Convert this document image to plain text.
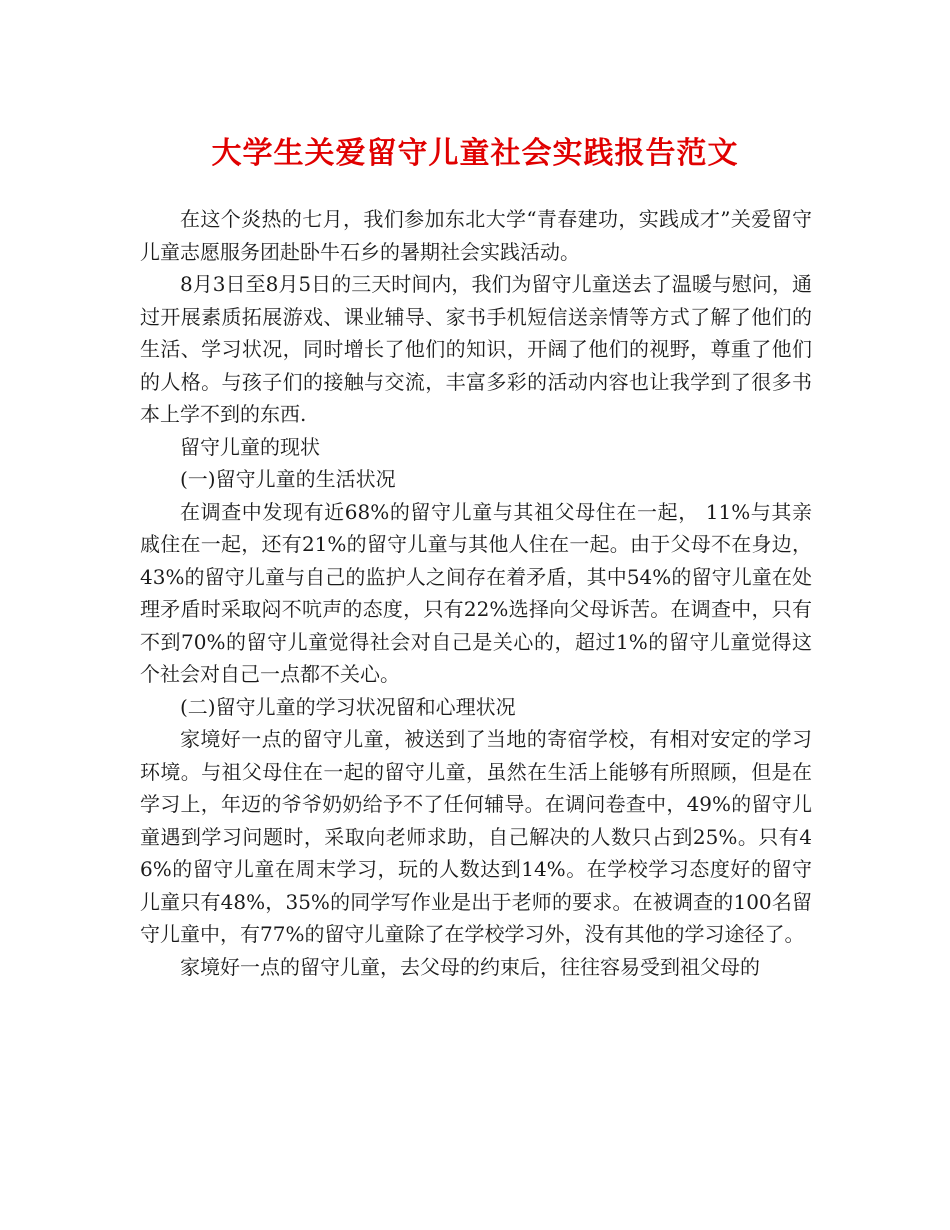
大学生关爱留守儿童社会实践报告范文

在这个炎热的七月，我们参加东北大学“青春建功，实践成才”关爱留守儿童志愿服务团赴卧牛石乡的暑期社会实践活动。

8月3日至8月5日的三天时间内，我们为留守儿童送去了温暖与慰问，通过开展素质拓展游戏、课业辅导、家书手机短信送亲情等方式了解了他们的生活、学习状况，同时增长了他们的知识，开阔了他们的视野，尊重了他们的人格。与孩子们的接触与交流，丰富多彩的活动内容也让我学到了很多书本上学不到的东西.

留守儿童的现状

(一)留守儿童的生活状况

在调查中发现有近68%的留守儿童与其祖父母住在一起， 11%与其亲戚住在一起，还有21%的留守儿童与其他人住在一起。由于父母不在身边，43%的留守儿童与自己的监护人之间存在着矛盾，其中54%的留守儿童在处理矛盾时采取闷不吭声的态度，只有22%选择向父母诉苦。在调查中，只有不到70%的留守儿童觉得社会对自己是关心的，超过1%的留守儿童觉得这个社会对自己一点都不关心。

(二)留守儿童的学习状况留和心理状况

家境好一点的留守儿童，被送到了当地的寄宿学校，有相对安定的学习环境。与祖父母住在一起的留守儿童，虽然在生活上能够有所照顾，但是在学习上，年迈的爷爷奶奶给予不了任何辅导。在调问卷查中，49%的留守儿童遇到学习问题时，采取向老师求助，自己解决的人数只占到25%。只有46%的留守儿童在周末学习，玩的人数达到14%。在学校学习态度好的留守儿童只有48%，35%的同学写作业是出于老师的要求。在被调查的100名留守儿童中，有77%的留守儿童除了在学校学习外，没有其他的学习途径了。

家境好一点的留守儿童，去父母的约束后，往往容易受到祖父母的
